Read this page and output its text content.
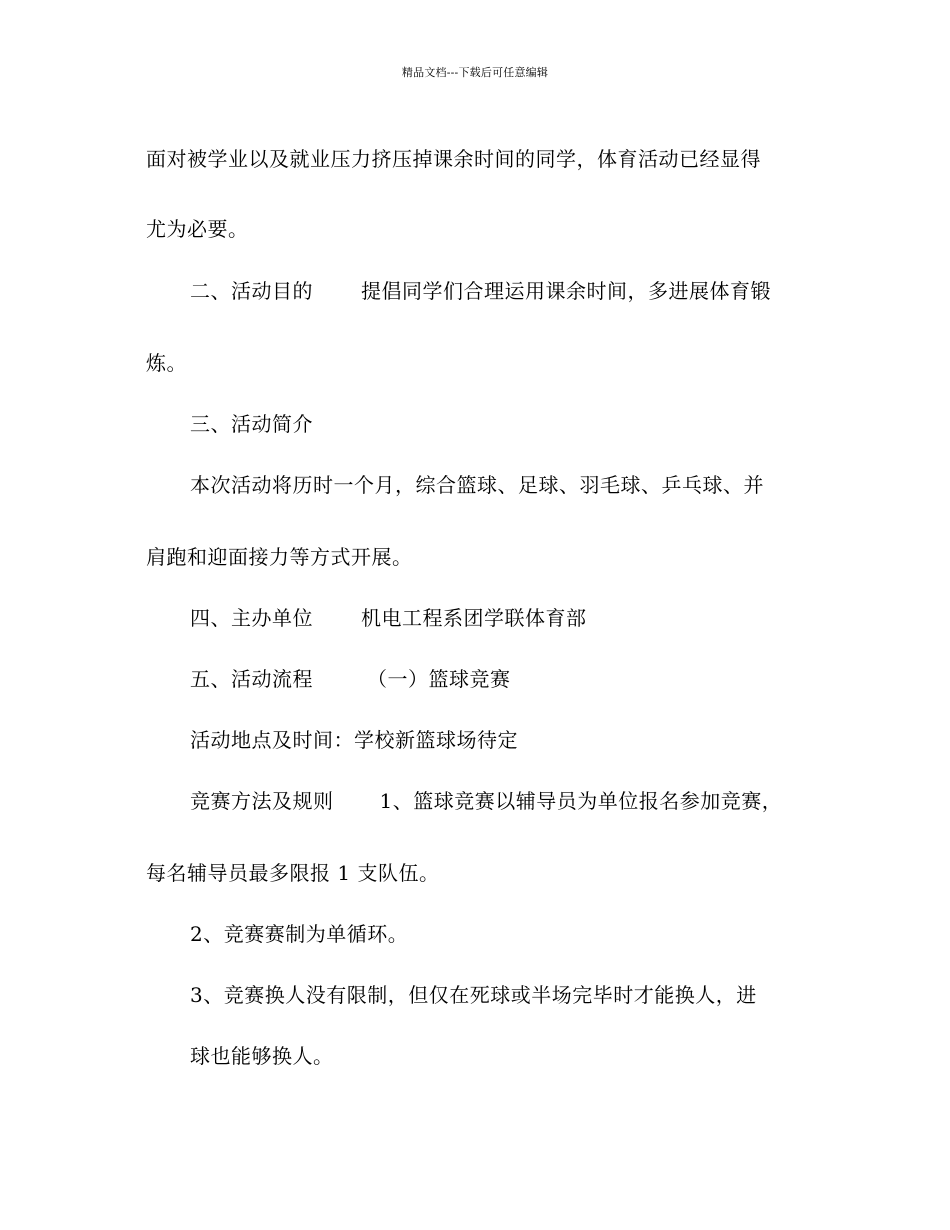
精品文档---下载后可任意编辑
面对被学业以及就业压力挤压掉课余时间的同学，体育活动已经显得
尤为必要。
二、活动目的 提倡同学们合理运用课余时间，多进展体育锻
炼。
三、活动简介
本次活动将历时一个月，综合篮球、足球、羽毛球、乒乓球、并
肩跑和迎面接力等方式开展。
四、主办单位 机电工程系团学联体育部
五、活动流程	（一）篮球竞赛
活动地点及时间：学校新篮球场待定
竞赛方法及规则 1、篮球竞赛以辅导员为单位报名参加竞赛，
每名辅导员最多限报 1 支队伍。
2、竞赛赛制为单循环。
3、竞赛换人没有限制，但仅在死球或半场完毕时才能换人，进
球也能够换人。
